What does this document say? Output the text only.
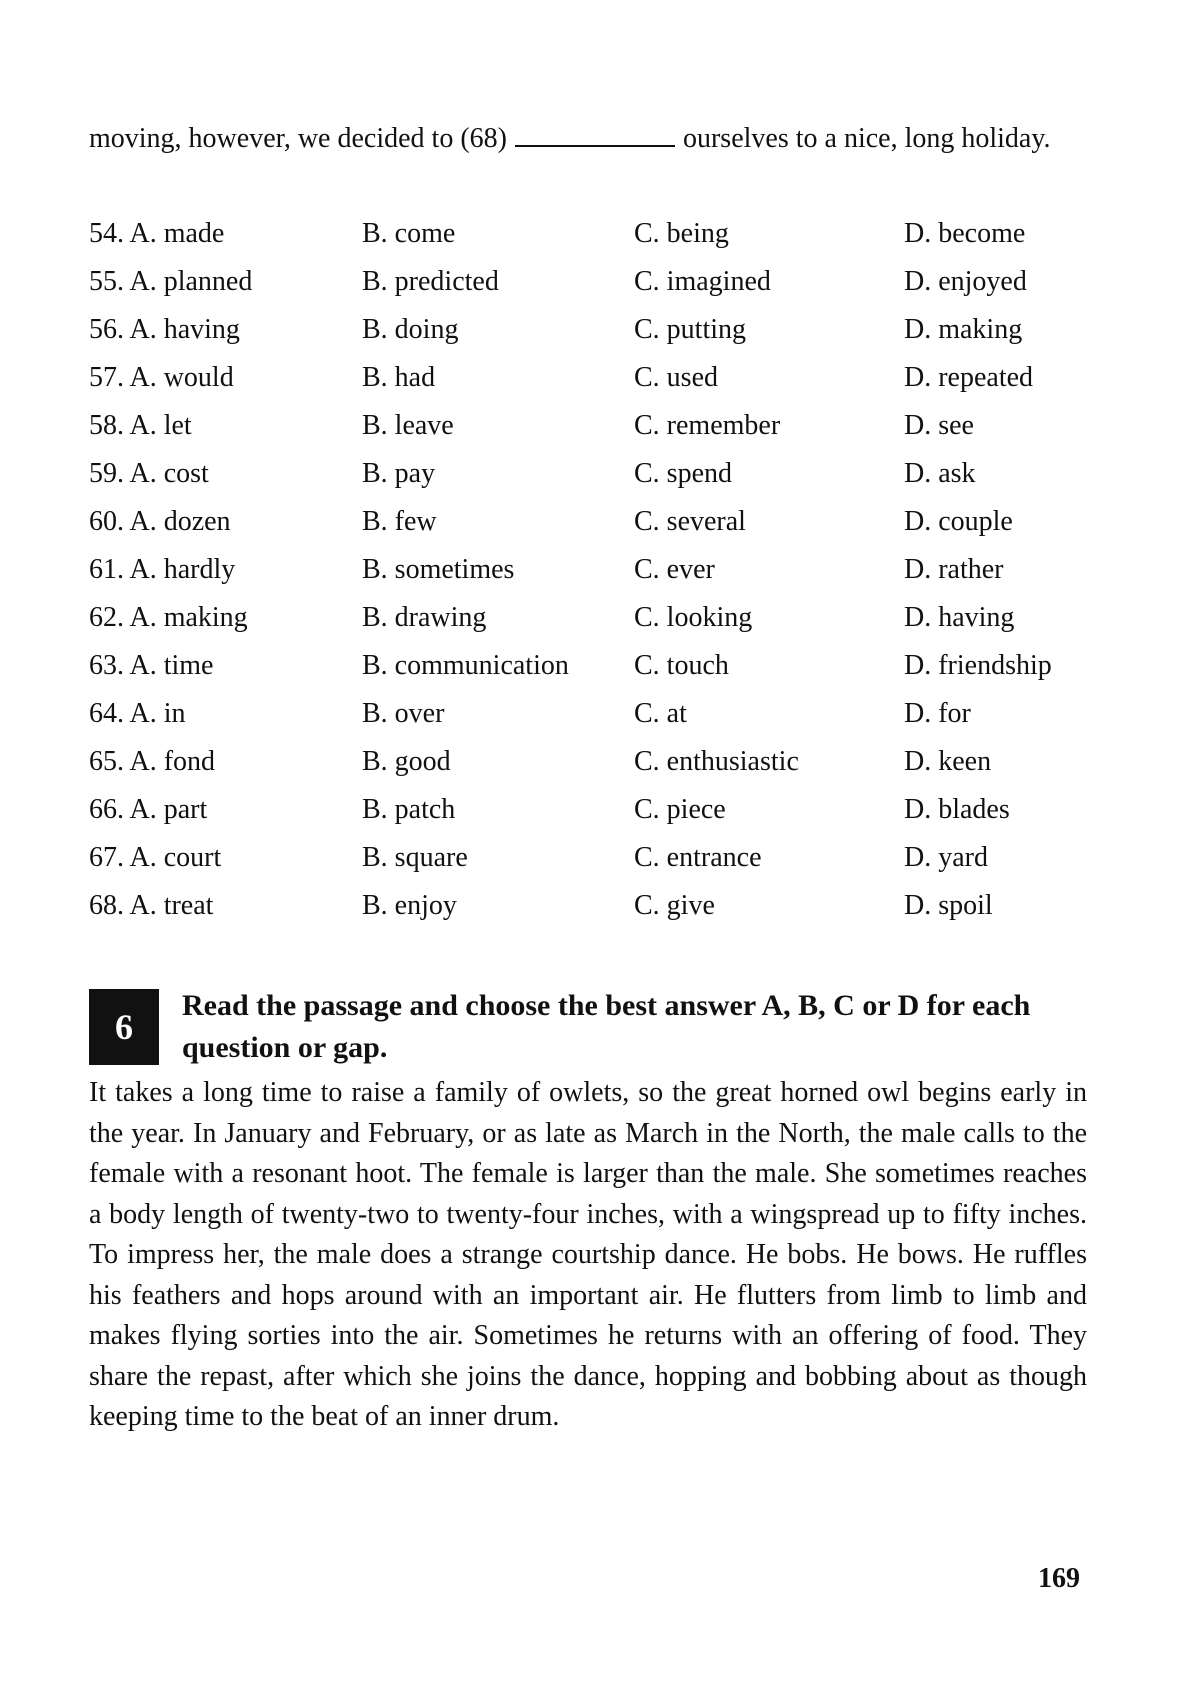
moving, however, we decided to (68)	ourselves to a nice, long holiday.
54. A. made	B. come	C. being	D. become
55. A. planned	B. predicted	C. imagined	D. enjoyed
56. A. having	B. doing	C. putting	D. making
57. A. would	B. had	C. used	D. repeated
58. A. let	B. leave	C. remember	D. see
59. A. cost	B. pay	C. spend	D. ask
60. A. dozen	B. few	C. several	D. couple
61. A. hardly	B. sometimes	C. ever	D. rather
62. A. making	B. drawing	C. looking	D. having
63. A. time	B. communication C. touch	D. friendship
64. A. in	B. over	C. at	D. for
65. A. fond	B. good	C. enthusiastic	D. keen
66. A. part	B. patch	C. piece	D. blades
67. A. court	B. square	C. entrance	D. yard
68. A. treat	B. enjoy	C. give	D. spoil
6
Read the passage and choose the best answer A, B, C or D for each question or gap.
It takes a long time to raise a family of owlets, so the great horned owl begins early in the year. In January and February, or as late as March in the North, the male calls to the female with a resonant hoot. The female is larger than the male. She sometimes reaches a body length of twenty-two to twenty-four inches, with a wingspread up to fifty inches. To impress her, the male does a strange courtship dance. He bobs. He bows. He ruffles his feathers and hops around with an important air. He flutters from limb to limb and makes flying sorties into the air. Sometimes he returns with an offering of food. They share the repast, after which she joins the dance, hopping and bobbing about as though keeping time to the beat of an inner drum.
169
